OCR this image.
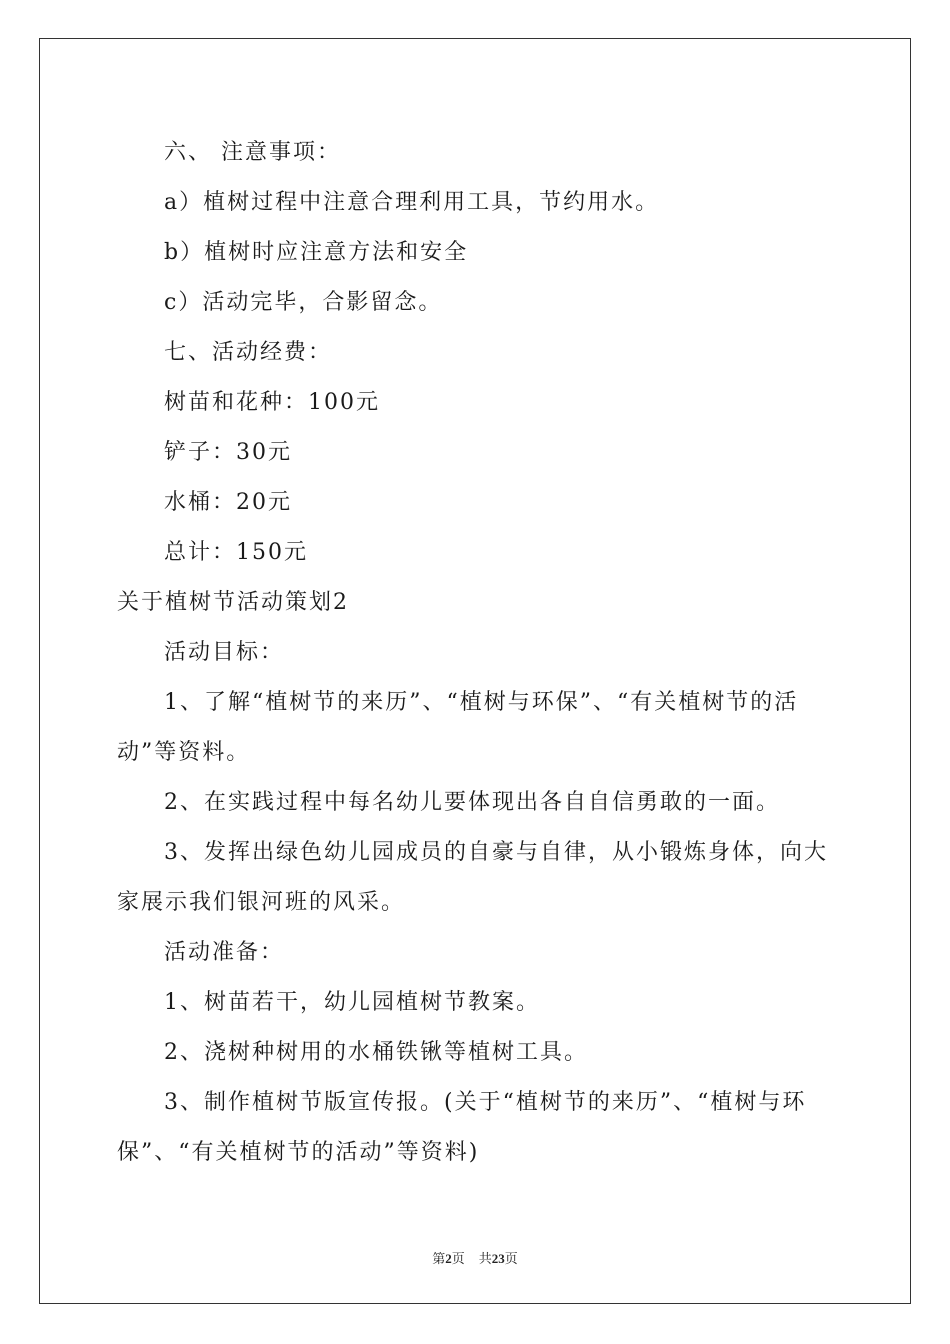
六、 注意事项：

a）植树过程中注意合理利用工具，节约用水。

b）植树时应注意方法和安全

c）活动完毕，合影留念。

七、活动经费：

树苗和花种：100元

铲子：30元

水桶：20元

总计：150元

关于植树节活动策划2

活动目标：

1、了解“植树节的来历”、“植树与环保”、“有关植树节的活动”等资料。

2、在实践过程中每名幼儿要体现出各自自信勇敢的一面。

3、发挥出绿色幼儿园成员的自豪与自律，从小锻炼身体，向大家展示我们银河班的风采。

活动准备：

1、树苗若干，幼儿园植树节教案。

2、浇树种树用的水桶铁锹等植树工具。

3、制作植树节版宣传报。(关于“植树节的来历”、“植树与环保”、“有关植树节的活动”等资料)

第2页 共23页
